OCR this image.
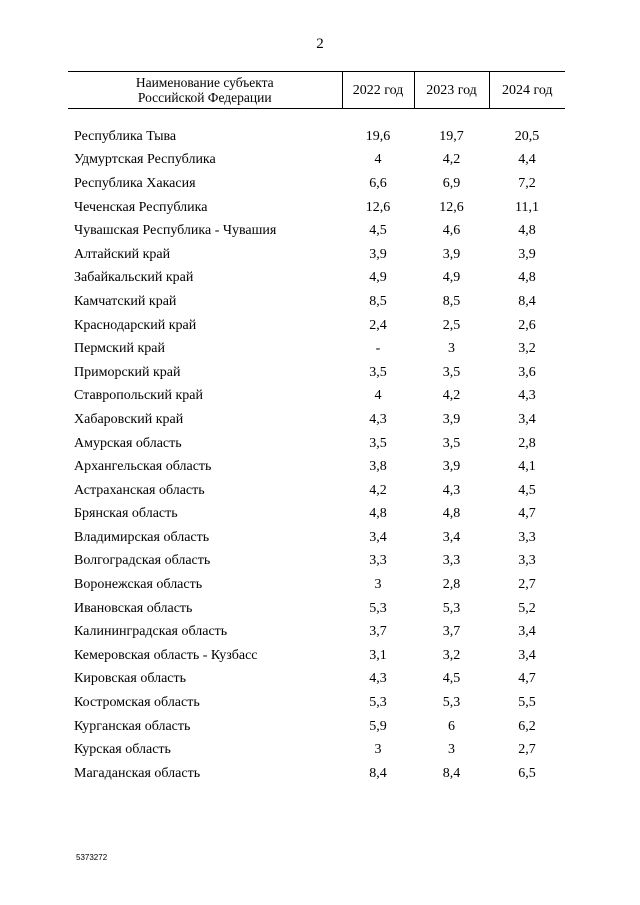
2
Наименование субъекта
Российской Федерации	2022 год	2023 год	2024 год

Республика Тыва	19,6	19,7	20,5
Удмуртская Республика	4	4,2	4,4
Республика Хакасия	6,6	6,9	7,2
Чеченская Республика	12,6	12,6	11,1
Чувашская Республика - Чувашия	4,5	4,6	4,8
Алтайский край	3,9	3,9	3,9
Забайкальский край	4,9	4,9	4,8
Камчатский край	8,5	8,5	8,4
Краснодарский край	2,4	2,5	2,6
Пермский край	-	3	3,2
Приморский край	3,5	3,5	3,6
Ставропольский край	4	4,2	4,3
Хабаровский край	4,3	3,9	3,4
Амурская область	3,5	3,5	2,8
Архангельская область	3,8	3,9	4,1
Астраханская область	4,2	4,3	4,5
Брянская область	4,8	4,8	4,7
Владимирская область	3,4	3,4	3,3
Волгоградская область	3,3	3,3	3,3
Воронежская область	3	2,8	2,7
Ивановская область	5,3	5,3	5,2
Калининградская область	3,7	3,7	3,4
Кемеровская область - Кузбасс	3,1	3,2	3,4
Кировская область	4,3	4,5	4,7
Костромская область	5,3	5,3	5,5
Курганская область	5,9	6	6,2
Курская область	3	3	2,7
Магаданская область	8,4	8,4	6,5
5373272
